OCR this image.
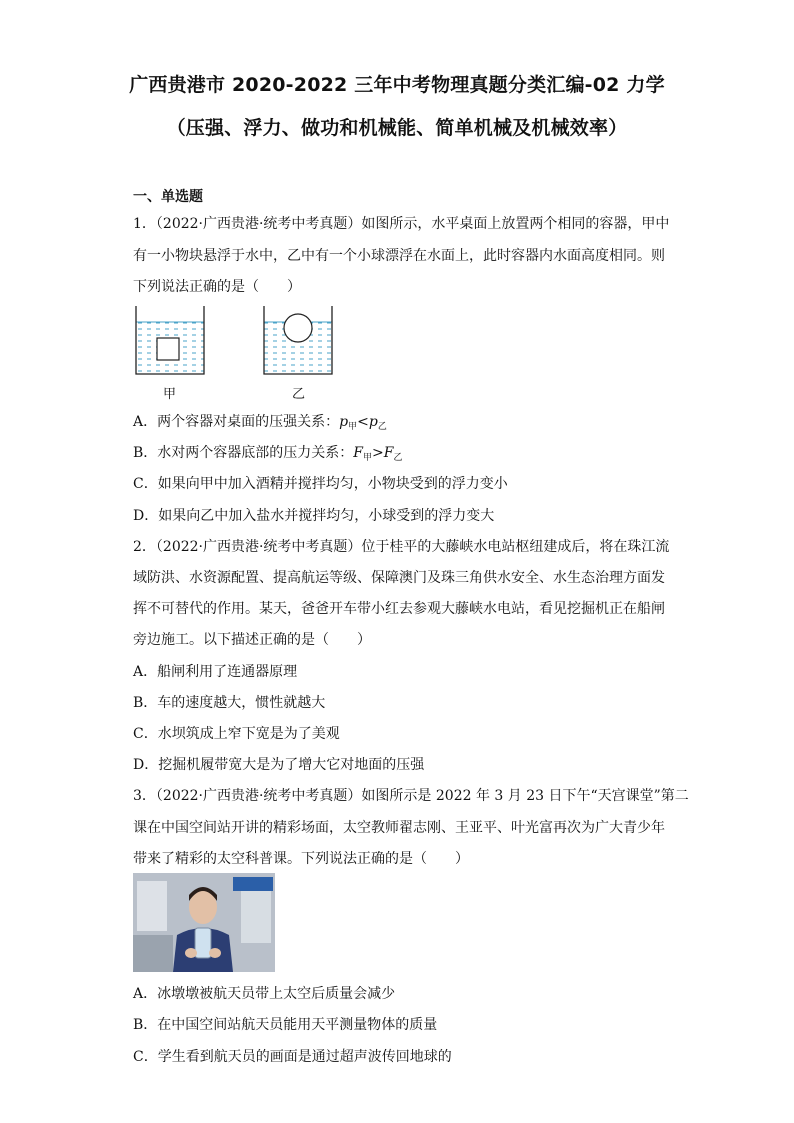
广西贵港市 2020-2022 三年中考物理真题分类汇编-02 力学
（压强、浮力、做功和机械能、简单机械及机械效率）
一、单选题
1．（2022·广西贵港·统考中考真题）如图所示，水平桌面上放置两个相同的容器，甲中
有一小物块悬浮于水中，乙中有一个小球漂浮在水面上，此时容器内水面高度相同。则
下列说法正确的是（　　）
甲	乙
A．两个容器对桌面的压强关系：$p_甲<p_乙$
B．水对两个容器底部的压力关系：$F_甲>F_乙$
C．如果向甲中加入酒精并搅拌均匀，小物块受到的浮力变小
D．如果向乙中加入盐水并搅拌均匀，小球受到的浮力变大
2．（2022·广西贵港·统考中考真题）位于桂平的大藤峡水电站枢纽建成后，将在珠江流
域防洪、水资源配置、提高航运等级、保障澳门及珠三角供水安全、水生态治理方面发
挥不可替代的作用。某天，爸爸开车带小红去参观大藤峡水电站，看见挖掘机正在船闸
旁边施工。以下描述正确的是（　　）
A．船闸利用了连通器原理
B．车的速度越大，惯性就越大
C．水坝筑成上窄下宽是为了美观
D．挖掘机履带宽大是为了增大它对地面的压强
3．（2022·广西贵港·统考中考真题）如图所示是 2022 年 3 月 23 日下午“天宫课堂”第二
课在中国空间站开讲的精彩场面，太空教师翟志刚、王亚平、叶光富再次为广大青少年
带来了精彩的太空科普课。下列说法正确的是（　　）
A．冰墩墩被航天员带上太空后质量会减少
B．在中国空间站航天员能用天平测量物体的质量
C．学生看到航天员的画面是通过超声波传回地球的
